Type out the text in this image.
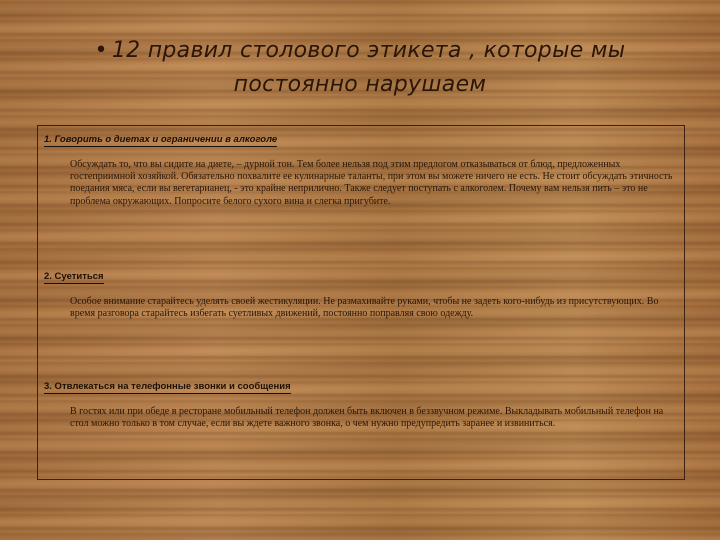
• 12 правил столового этикета , которые мы
постоянно нарушаем
1. Говорить о диетах и ограничении в алкоголе
Обсуждать то, что вы сидите на диете, – дурной тон. Тем более нельзя под этим предлогом отказываться от блюд, предложенных гостеприимной хозяйкой. Обязательно похвалите ее кулинарные таланты, при этом вы можете ничего не есть. Не стоит обсуждать этичность поедания мяса, если вы вегетарианец, - это крайне неприлично. Также следует поступать с алкоголем. Почему вам нельзя пить – это не проблема окружающих. Попросите белого сухого вина и слегка пригубите.
2. Суетиться
Особое внимание старайтесь уделять своей жестикуляции. Не размахивайте руками, чтобы не задеть кого-нибудь из присутствующих. Во время разговора старайтесь избегать суетливых движений, постоянно поправляя свою одежду.
3. Отвлекаться на телефонные звонки и сообщения
В гостях или при обеде в ресторане мобильный телефон должен быть включен в беззвучном режиме. Выкладывать мобильный телефон на стол можно только в том случае, если вы ждете важного звонка, о чем нужно предупредить заранее и извиниться.
